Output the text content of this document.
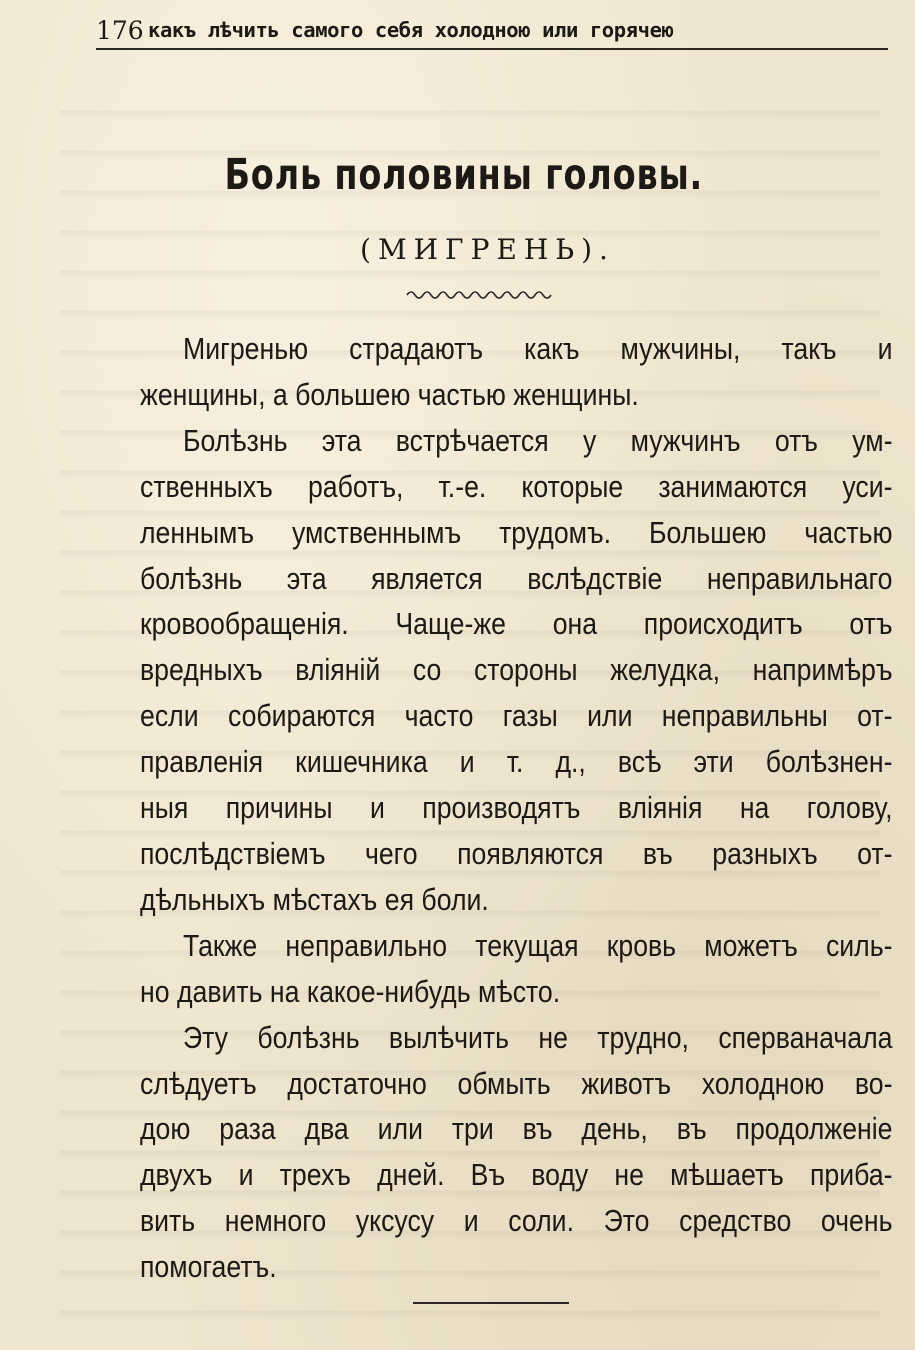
176 какъ лѣчить самого себя холодною или горячею
Боль половины головы.
(МИГРЕНЬ).
Мигренью страдаютъ какъ мужчины, такъ и
женщины, а большею частью женщины.
Болѣзнь эта встрѣчается у мужчинъ отъ ум-
ственныхъ работъ, т.-е. которые занимаются уси-
леннымъ умственнымъ трудомъ. Большею частью
болѣзнь эта является вслѣдствіе неправильнаго
кровообращенія. Чаще-же она происходитъ отъ
вредныхъ вліяній со стороны желудка, напримѣръ
если собираются часто газы или неправильны от-
правленія кишечника и т. д., всѣ эти болѣзнен-
ныя причины и производятъ вліянія на голову,
послѣдствіемъ чего появляются въ разныхъ от-
дѣльныхъ мѣстахъ ея боли.
Также неправильно текущая кровь можетъ силь-
но давить на какое-нибудь мѣсто.
Эту болѣзнь вылѣчить не трудно, сперваначала
слѣдуетъ достаточно обмыть животъ холодною во-
дою раза два или три въ день, въ продолженіе
двухъ и трехъ дней. Въ воду не мѣшаетъ приба-
вить немного уксусу и соли. Это средство очень
помогаетъ.
